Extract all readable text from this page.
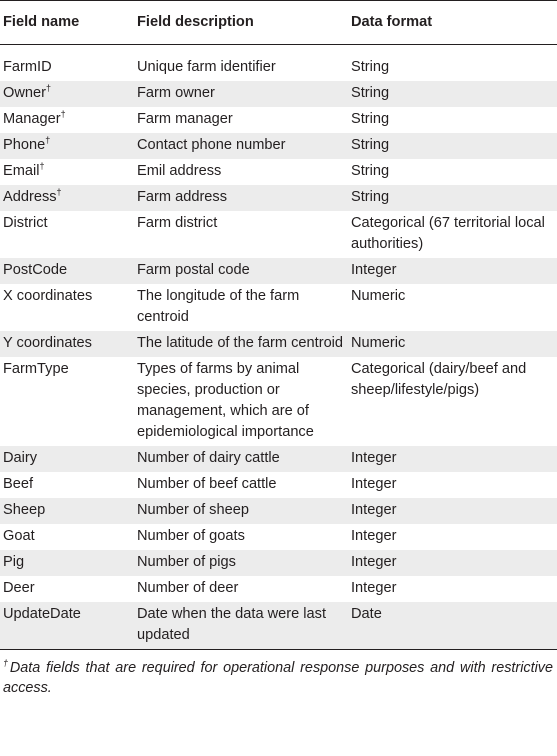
Field name	Field description	Data format
FarmID	Unique farm identifier	String
Owner†	Farm owner	String
Manager†	Farm manager	String
Phone†	Contact phone number	String
Email†	Emil address	String
Address†	Farm address	String
District	Farm district	Categorical (67 territorial local authorities)
PostCode	Farm postal code	Integer
X coordinates	The longitude of the farm centroid	Numeric
Y coordinates	The latitude of the farm centroid	Numeric
FarmType	Types of farms by animal species, production or management, which are of epidemiological importance	Categorical (dairy/beef and sheep/lifestyle/pigs)
Dairy	Number of dairy cattle	Integer
Beef	Number of beef cattle	Integer
Sheep	Number of sheep	Integer
Goat	Number of goats	Integer
Pig	Number of pigs	Integer
Deer	Number of deer	Integer
UpdateDate	Date when the data were last updated	Date
†Data fields that are required for operational response purposes and with restrictive access.
